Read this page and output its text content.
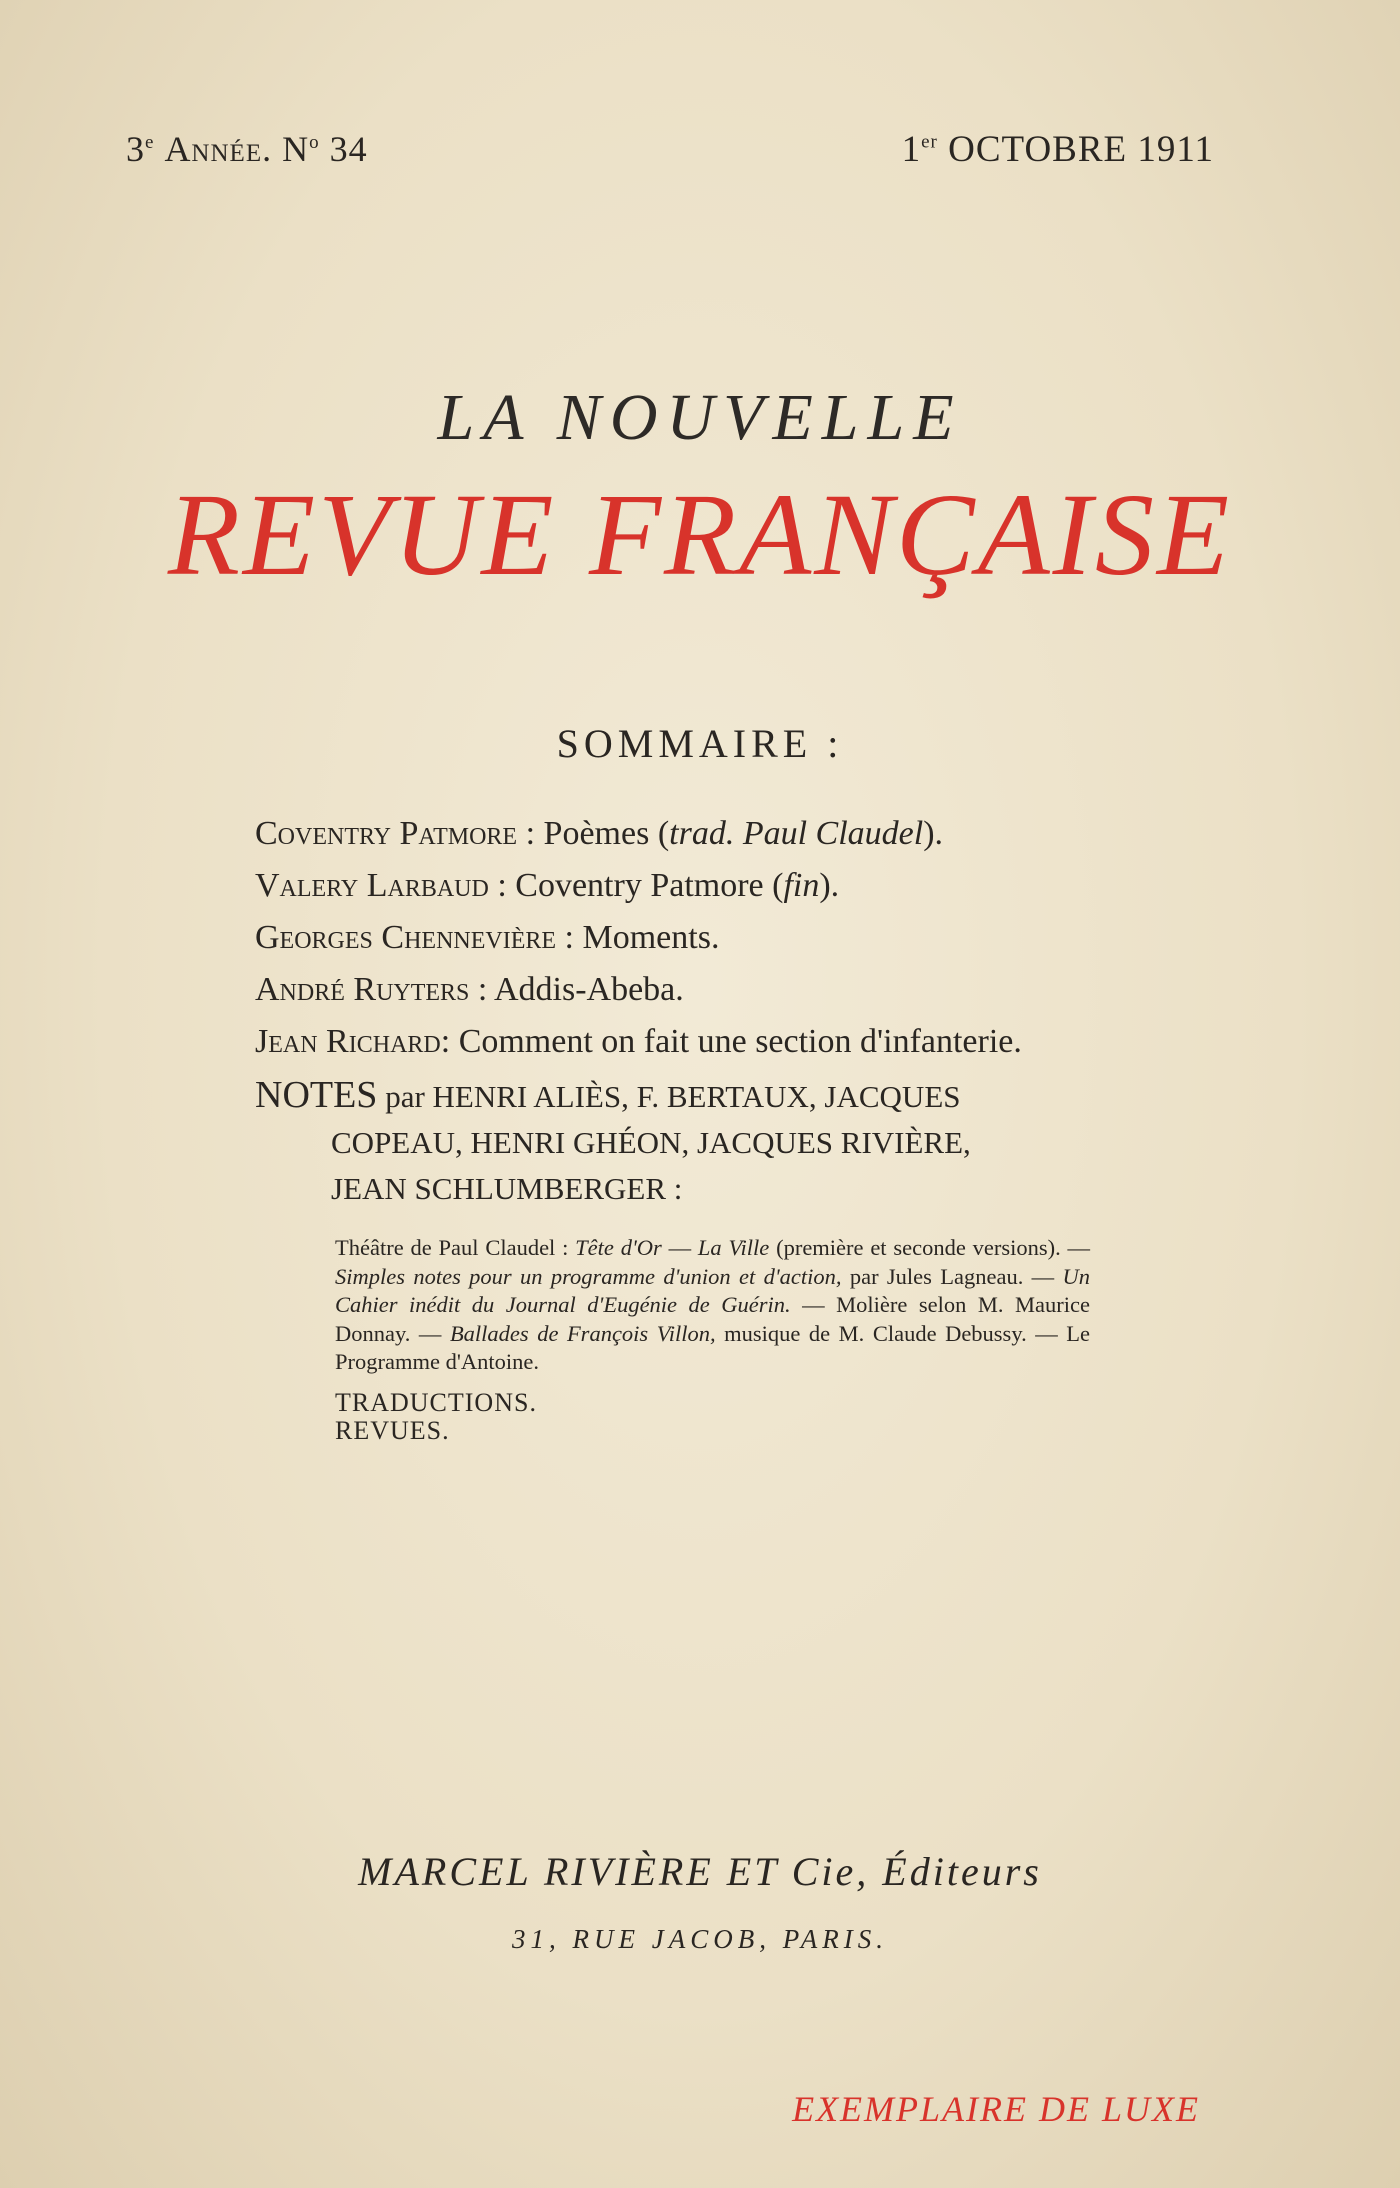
3e Année. $N^o$ 34	1er OCTOBRE 1911
LA NOUVELLE
REVUE FRANÇAISE
SOMMAIRE :
Coventry Patmore : Poèmes (trad. Paul Claudel).
Valery Larbaud : Coventry Patmore (fin).
Georges Chennevière : Moments.
André Ruyters : Addis-Abeba.
Jean Richard: Comment on fait une section d'infanterie.
NOTES par HENRI ALIÈS, F. BERTAUX, JACQUES
COPEAU, HENRI GHÉON, JACQUES RIVIÈRE,
JEAN SCHLUMBERGER :
Théâtre de Paul Claudel : Tête d'Or — La Ville (première et seconde versions). — Simples notes pour un programme d'union et d'action, par Jules Lagneau. — Un Cahier inédit du Journal d'Eugénie de Guérin. — Molière selon M. Maurice Donnay. — Ballades de François Villon, musique de M. Claude Debussy. — Le Programme d'Antoine.
TRADUCTIONS.
REVUES.
MARCEL RIVIÈRE ET Cie, Éditeurs
31, RUE JACOB, PARIS.
EXEMPLAIRE DE LUXE
